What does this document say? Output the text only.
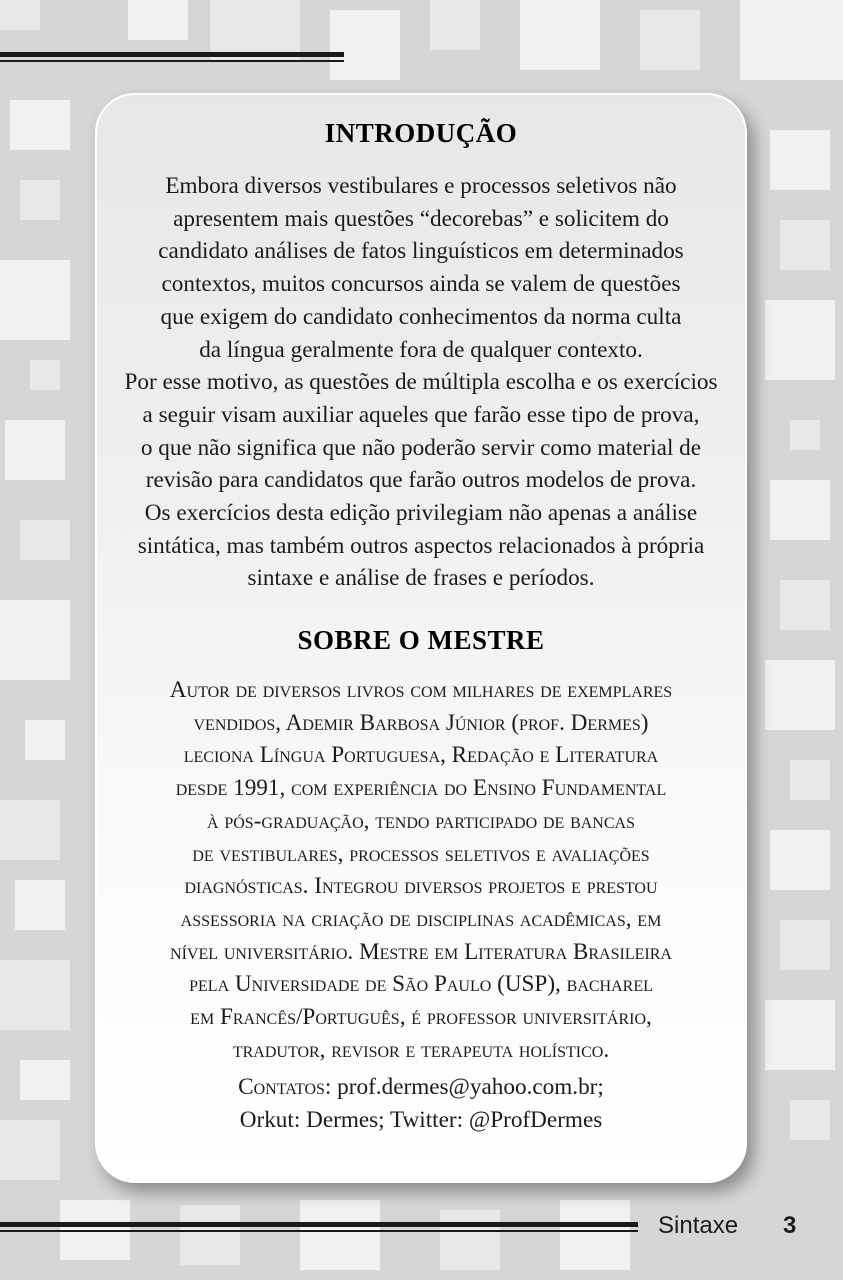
INTRODUÇÃO

Embora diversos vestibulares e processos seletivos não

apresentem mais questões “decorebas” e solicitem do

candidato análises de fatos linguísticos em determinados

contextos, muitos concursos ainda se valem de questões

que exigem do candidato conhecimentos da norma culta

da língua geralmente fora de qualquer contexto.

Por esse motivo, as questões de múltipla escolha e os exercícios

a seguir visam auxiliar aqueles que farão esse tipo de prova,

o que não significa que não poderão servir como material de

revisão para candidatos que farão outros modelos de prova.

Os exercícios desta edição privilegiam não apenas a análise

sintática, mas também outros aspectos relacionados à própria

sintaxe e análise de frases e períodos.

SOBRE O MESTRE
Autor de diversos livros com milhares de exemplares
vendidos, Ademir Barbosa Júnior (prof. Dermes)
leciona Língua Portuguesa, Redação e Literatura
desde 1991, com experiência do Ensino Fundamental
à pós-graduação, tendo participado de bancas
de vestibulares, processos seletivos e avaliações
diagnósticas. Integrou diversos projetos e prestou
assessoria na criação de disciplinas acadêmicas, em
nível universitário. Mestre em Literatura Brasileira
pela Universidade de São Paulo (USP), bacharel
em Francês/Português, é professor universitário,
tradutor, revisor e terapeuta holístico.
Contatos: prof.dermes@yahoo.com.br;
Orkut: Dermes; Twitter: @ProfDermes
Sintaxe 3
